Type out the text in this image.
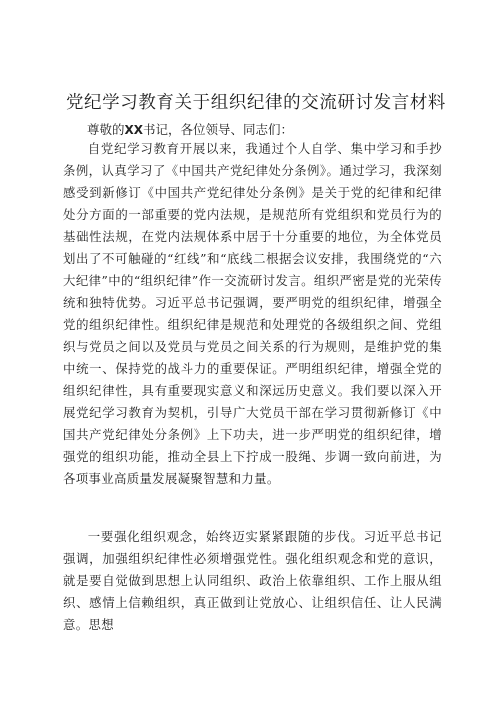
党纪学习教育关于组织纪律的交流研讨发言材料
尊敬的XX书记，各位领导、同志们：

自党纪学习教育开展以来，我通过个人自学、集中学习和手抄条例，认真学习了《中国共产党纪律处分条例》。通过学习，我深刻感受到新修订《中国共产党纪律处分条例》是关于党的纪律和纪律处分方面的一部重要的党内法规，是规范所有党组织和党员行为的基础性法规，在党内法规体系中居于十分重要的地位，为全体党员划出了不可触碰的“红线”和“底线二根据会议安排，我围绕党的“六大纪律”中的“组织纪律”作一交流研讨发言。组织严密是党的光荣传统和独特优势。习近平总书记强调，要严明党的组织纪律，增强全党的组织纪律性。组织纪律是规范和处理党的各级组织之间、党组织与党员之间以及党员与党员之间关系的行为规则，是维护党的集中统一、保持党的战斗力的重要保证。严明组织纪律，增强全党的组织纪律性，具有重要现实意义和深远历史意义。我们要以深入开展党纪学习教育为契机，引导广大党员干部在学习贯彻新修订《中国共产党纪律处分条例》上下功夫，进一步严明党的组织纪律，增强党的组织功能，推动全县上下拧成一股绳、步调一致向前进，为各项事业高质量发展凝聚智慧和力量。

一要强化组织观念，始终迈实紧紧跟随的步伐。习近平总书记强调，加强组织纪律性必须增强党性。强化组织观念和党的意识，就是要自觉做到思想上认同组织、政治上依靠组织、工作上服从组织、感情上信赖组织，真正做到让党放心、让组织信任、让人民满意。思想
